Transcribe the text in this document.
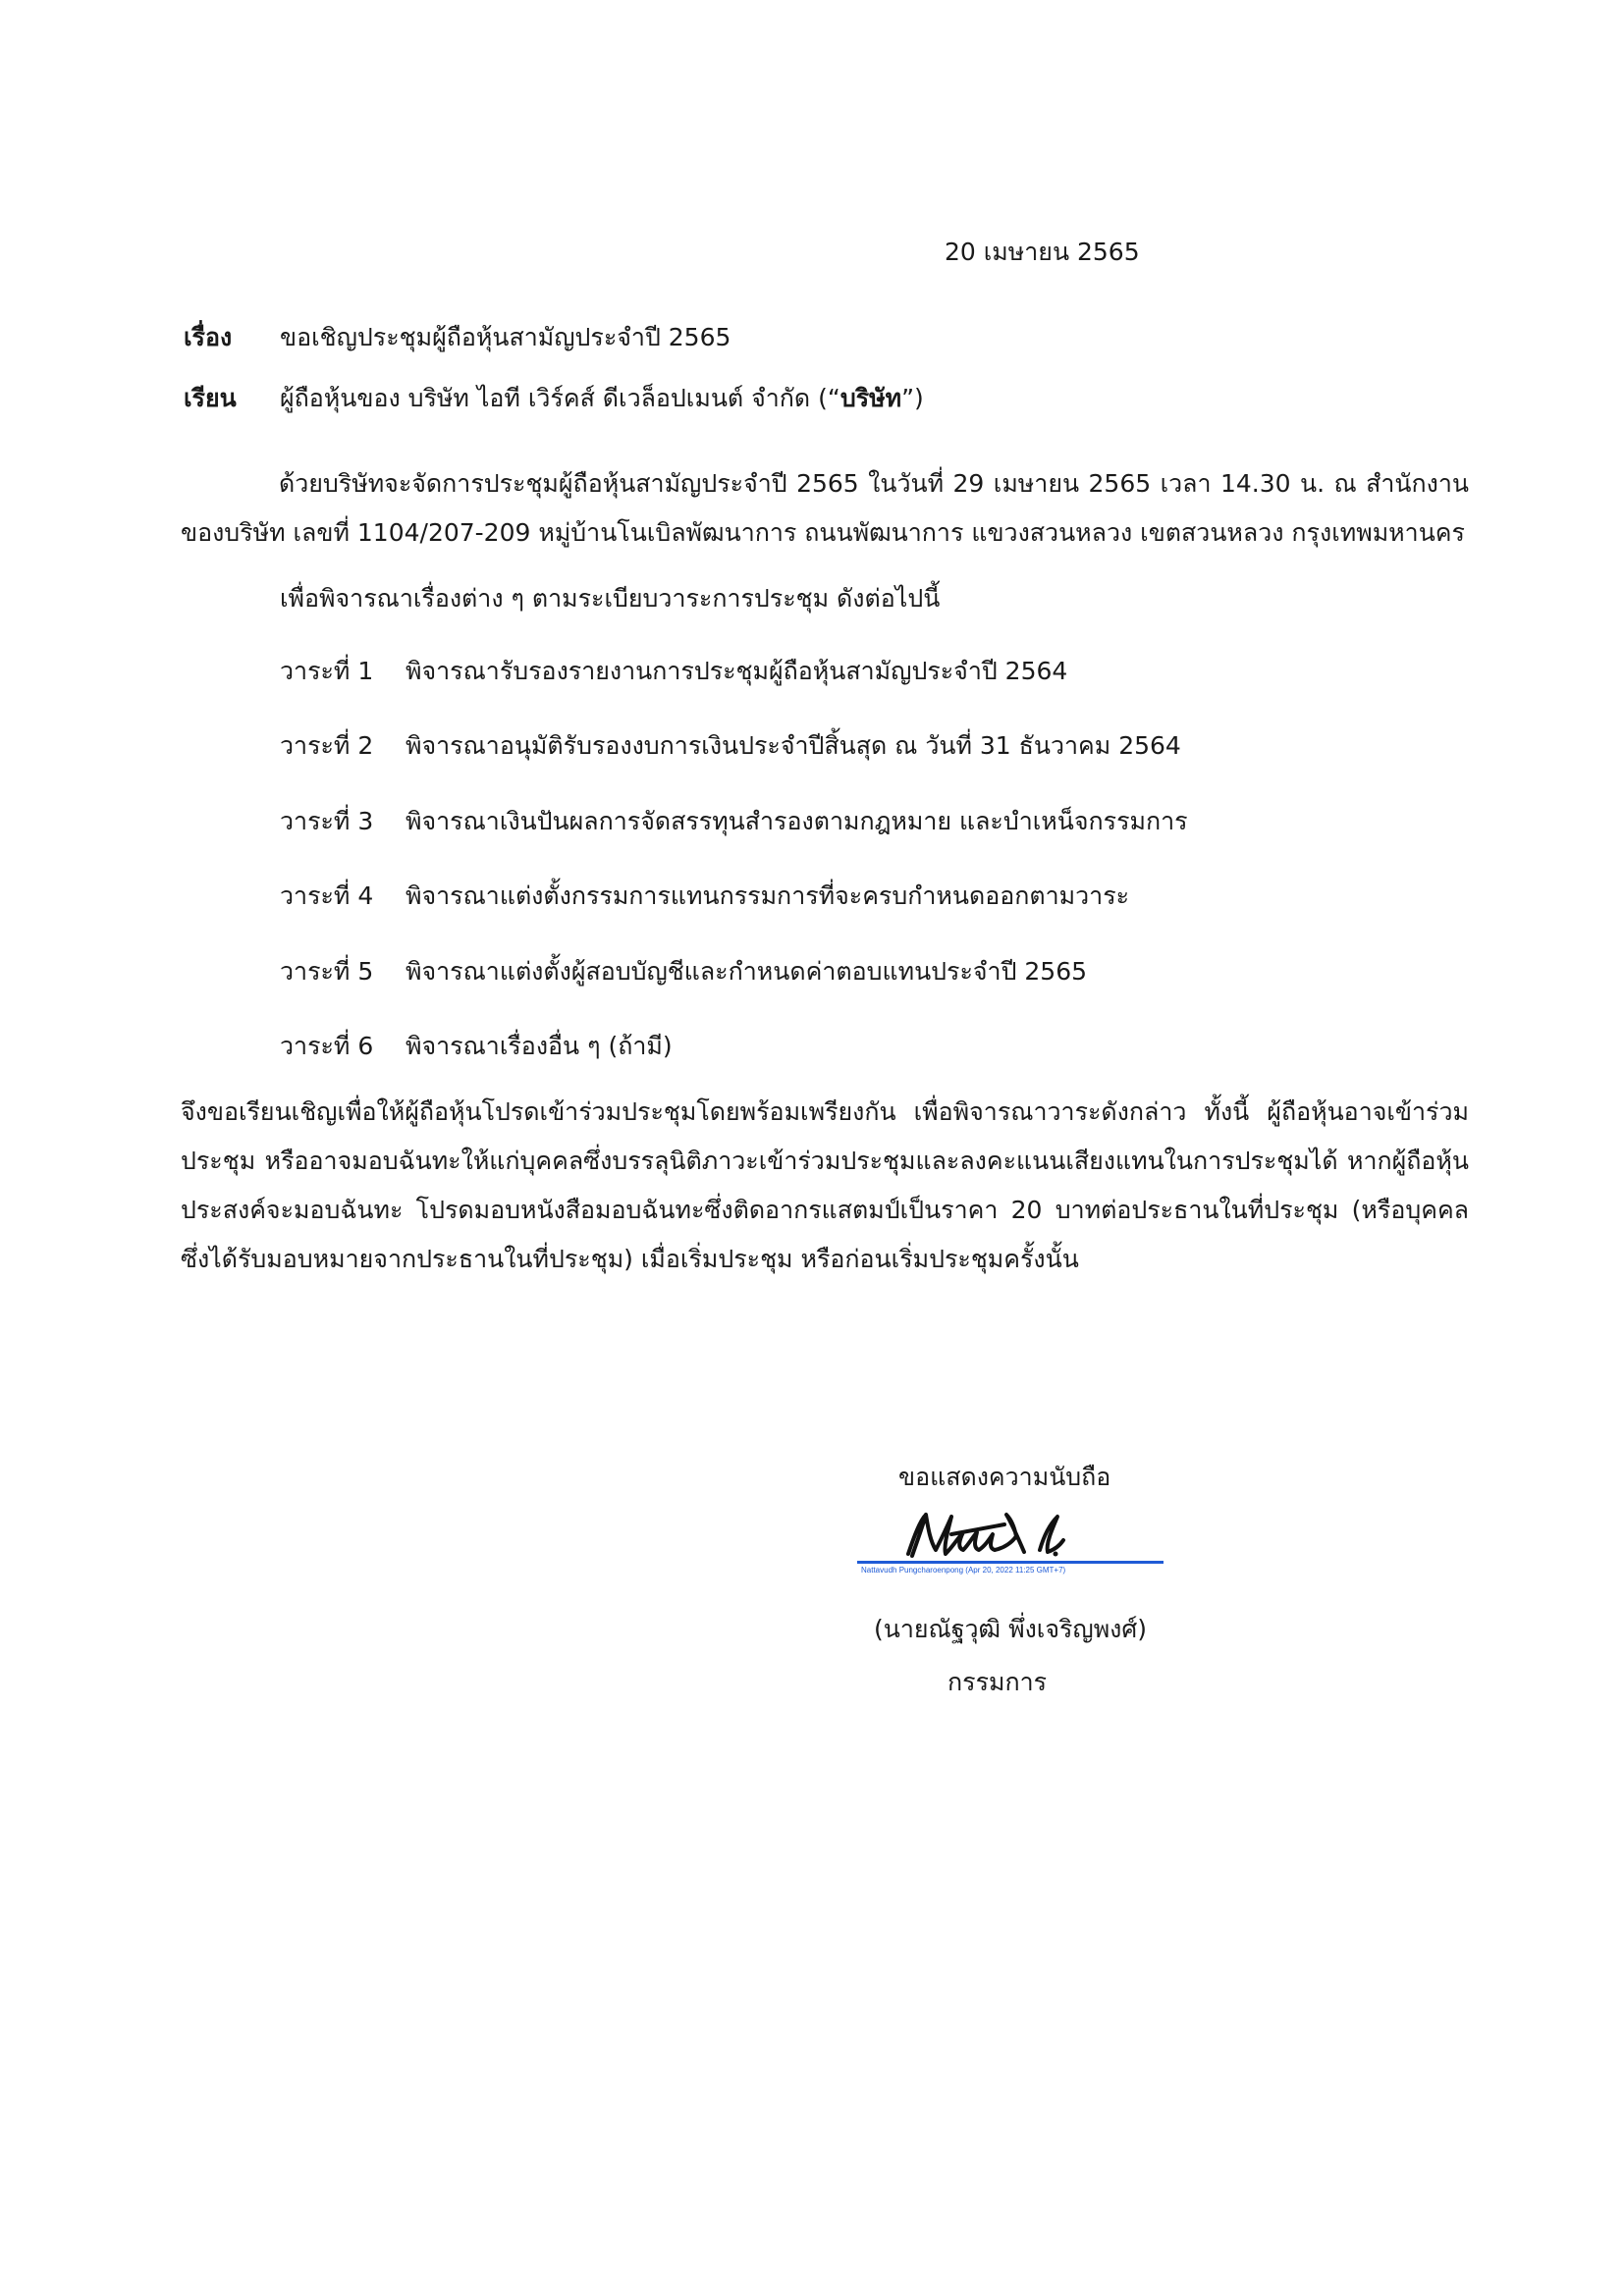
20 เมษายน 2565
เรื่อง ขอเชิญประชุมผู้ถือหุ้นสามัญประจำปี 2565
เรียน ผู้ถือหุ้นของ บริษัท ไอที เวิร์คส์ ดีเวล็อปเมนต์ จำกัด (“บริษัท”)
ด้วยบริษัทจะจัดการประชุมผู้ถือหุ้นสามัญประจำปี 2565 ในวันที่ 29 เมษายน 2565 เวลา 14.30 น. ณ สำนักงานของบริษัท เลขที่ 1104/207-209 หมู่บ้านโนเบิลพัฒนาการ ถนนพัฒนาการ แขวงสวนหลวง เขตสวนหลวง กรุงเทพมหานคร
เพื่อพิจารณาเรื่องต่าง ๆ ตามระเบียบวาระการประชุม ดังต่อไปนี้
วาระที่ 1 พิจารณารับรองรายงานการประชุมผู้ถือหุ้นสามัญประจำปี 2564
วาระที่ 2 พิจารณาอนุมัติรับรองงบการเงินประจำปีสิ้นสุด ณ วันที่ 31 ธันวาคม 2564
วาระที่ 3 พิจารณาเงินปันผลการจัดสรรทุนสำรองตามกฎหมาย และบำเหน็จกรรมการ
วาระที่ 4 พิจารณาแต่งตั้งกรรมการแทนกรรมการที่จะครบกำหนดออกตามวาระ
วาระที่ 5 พิจารณาแต่งตั้งผู้สอบบัญชีและกำหนดค่าตอบแทนประจำปี 2565
วาระที่ 6 พิจารณาเรื่องอื่น ๆ (ถ้ามี)
จึงขอเรียนเชิญเพื่อให้ผู้ถือหุ้นโปรดเข้าร่วมประชุมโดยพร้อมเพรียงกัน เพื่อพิจารณาวาระดังกล่าว ทั้งนี้ ผู้ถือหุ้นอาจเข้าร่วมประชุม หรืออาจมอบฉันทะให้แก่บุคคลซึ่งบรรลุนิติภาวะเข้าร่วมประชุมและลงคะแนนเสียงแทนในการประชุมได้ หากผู้ถือหุ้นประสงค์จะมอบฉันทะ โปรดมอบหนังสือมอบฉันทะซึ่งติดอากรแสตมป์เป็นราคา 20 บาทต่อประธานในที่ประชุม (หรือบุคคลซึ่งได้รับมอบหมายจากประธานในที่ประชุม) เมื่อเริ่มประชุม หรือก่อนเริ่มประชุมครั้งนั้น
ขอแสดงความนับถือ
Nattavudh Pungcharoenpong (Apr 20, 2022 11:25 GMT+7)
(นายณัฐวุฒิ พึ่งเจริญพงศ์)
กรรมการ
